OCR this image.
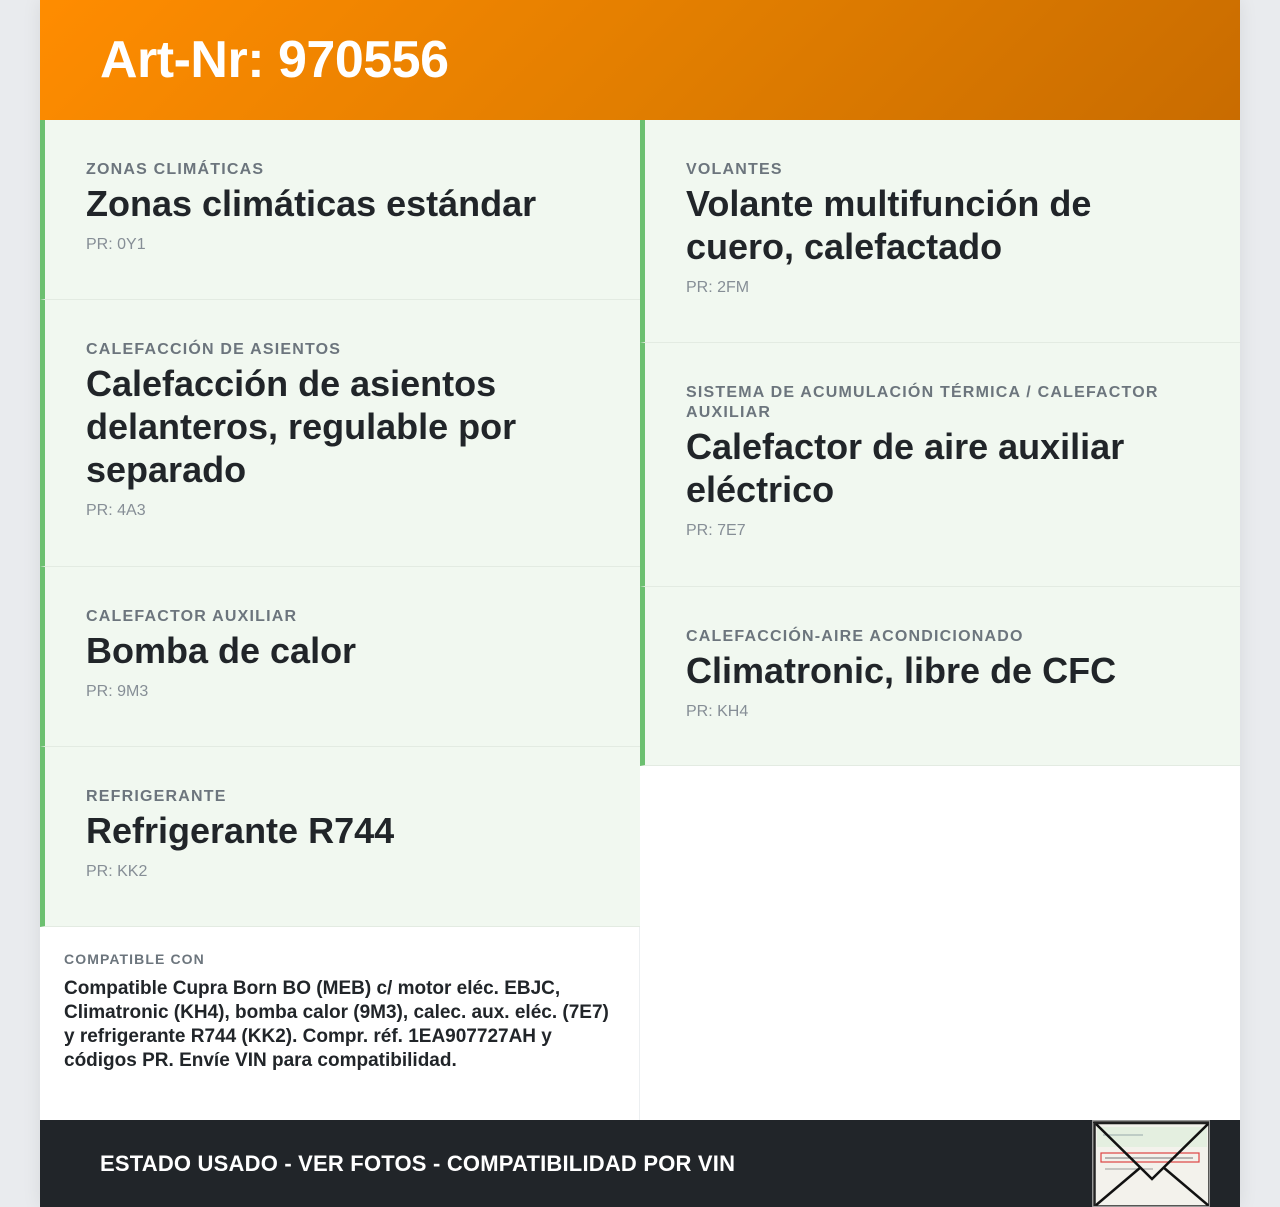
Art-Nr: 970556
ZONAS CLIMÁTICAS
Zonas climáticas estándar
PR: 0Y1
CALEFACCIÓN DE ASIENTOS
Calefacción de asientos delanteros, regulable por separado
PR: 4A3
CALEFACTOR AUXILIAR
Bomba de calor
PR: 9M3
REFRIGERANTE
Refrigerante R744
PR: KK2
VOLANTES
Volante multifunción de cuero, calefactado
PR: 2FM
SISTEMA DE ACUMULACIÓN TÉRMICA / CALEFACTOR AUXILIAR
Calefactor de aire auxiliar eléctrico
PR: 7E7
CALEFACCIÓN-AIRE ACONDICIONADO
Climatronic, libre de CFC
PR: KH4
COMPATIBLE CON
Compatible Cupra Born BO (MEB) c/ motor eléc. EBJC, Climatronic (KH4), bomba calor (9M3), calec. aux. eléc. (7E7) y refrigerante R744 (KK2). Compr. réf. 1EA907727AH y códigos PR. Envíe VIN para compatibilidad.
ESTADO USADO - VER FOTOS - COMPATIBILIDAD POR VIN
